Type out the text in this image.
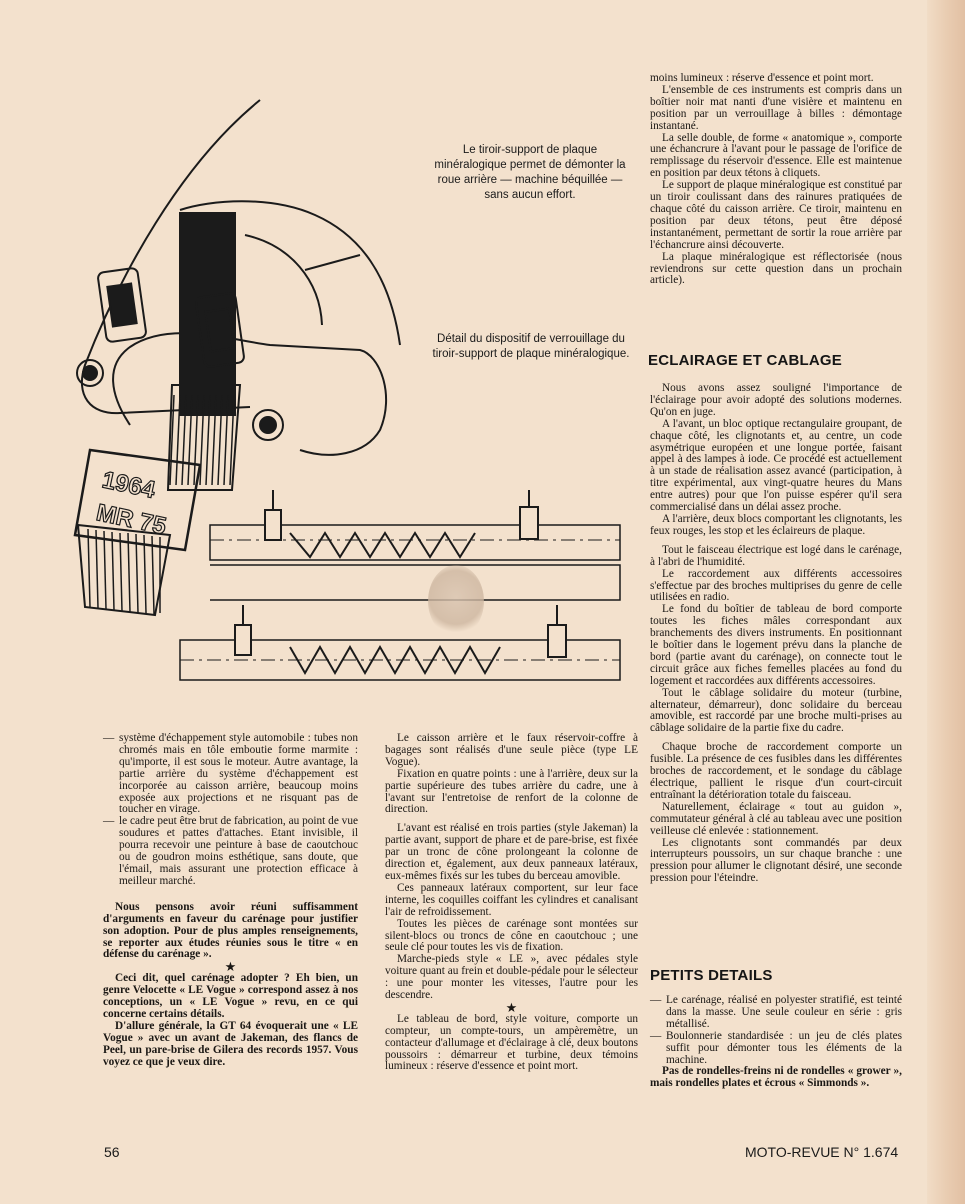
1964
MR 75
Le tiroir-support de plaque minéralogique permet de démonter la roue arrière — machine béquillée — sans aucun effort.
Détail du dispositif de verrouillage du tiroir-support de plaque minéralogique.
— système d'échappement style automobile : tubes non chromés mais en tôle emboutie forme marmite : qu'importe, il est sous le moteur. Autre avantage, la partie arrière du système d'échappement est incorporée au caisson arrière, beaucoup moins exposée aux projections et ne risquant pas de toucher en virage.
— le cadre peut être brut de fabrication, au point de vue soudures et pattes d'attaches. Etant invisible, il pourra recevoir une peinture à base de caoutchouc ou de goudron moins esthétique, sans doute, que l'émail, mais assurant une protection efficace à meilleur marché.

Nous pensons avoir réuni suffisamment d'arguments en faveur du carénage pour justifier son adoption. Pour de plus amples renseignements, se reporter aux études réunies sous le titre « en défense du carénage ».

★

Ceci dit, quel carénage adopter ? Eh bien, un genre Velocette « LE Vogue » correspond assez à nos conceptions, un « LE Vogue » revu, en ce qui concerne certains détails.

D'allure générale, la GT 64 évoquerait une « LE Vogue » avec un avant de Jakeman, des flancs de Peel, un pare-brise de Gilera des records 1957. Vous voyez ce que je veux dire.

Le caisson arrière et le faux réservoir-coffre à bagages sont réalisés d'une seule pièce (type LE Vogue).

Fixation en quatre points : une à l'arrière, deux sur la partie supérieure des tubes arrière du cadre, une à l'avant sur l'entretoise de renfort de la colonne de direction.

L'avant est réalisé en trois parties (style Jakeman) la partie avant, support de phare et de pare-brise, est fixée par un tronc de cône prolongeant la colonne de direction et, également, aux deux panneaux latéraux, eux-mêmes fixés sur les tubes du berceau amovible.

Ces panneaux latéraux comportent, sur leur face interne, les coquilles coiffant les cylindres et canalisant l'air de refroidissement.

Toutes les pièces de carénage sont montées sur silent-blocs ou troncs de cône en caoutchouc ; une seule clé pour toutes les vis de fixation.

Marche-pieds style « LE », avec pédales style voiture quant au frein et double-pédale pour le sélecteur : une pour monter les vitesses, l'autre pour les descendre.

★

Le tableau de bord, style voiture, comporte un compteur, un compte-tours, un ampèremètre, un contacteur d'allumage et d'éclairage à clé, deux boutons poussoirs : démarreur et turbine, deux témoins lumineux : réserve d'essence et point mort.

moins lumineux : réserve d'essence et point mort.

L'ensemble de ces instruments est compris dans un boîtier noir mat nanti d'une visière et maintenu en position par un verrouillage à billes : démontage instantané.

La selle double, de forme « anatomique », comporte une échancrure à l'avant pour le passage de l'orifice de remplissage du réservoir d'essence. Elle est maintenue en position par deux tétons à cliquets.

Le support de plaque minéralogique est constitué par un tiroir coulissant dans des rainures pratiquées de chaque côté du caisson arrière. Ce tiroir, maintenu en position par deux tétons, peut être déposé instantanément, permettant de sortir la roue arrière par l'échancrure ainsi découverte.

La plaque minéralogique est réflectorisée (nous reviendrons sur cette question dans un prochain article).

ECLAIRAGE ET CABLAGE

Nous avons assez souligné l'importance de l'éclairage pour avoir adopté des solutions modernes. Qu'on en juge.

A l'avant, un bloc optique rectangulaire groupant, de chaque côté, les clignotants et, au centre, un code asymétrique européen et une longue portée, faisant appel à des lampes à iode. Ce procédé est actuellement à un stade de réalisation assez avancé (participation, à titre expérimental, aux vingt-quatre heures du Mans entre autres) pour que l'on puisse espérer qu'il sera commercialisé dans un délai assez proche.

A l'arrière, deux blocs comportant les clignotants, les feux rouges, les stop et les éclaireurs de plaque.

Tout le faisceau électrique est logé dans le carénage, à l'abri de l'humidité.

Le raccordement aux différents accessoires s'effectue par des broches multiprises du genre de celle utilisées en radio.

Le fond du boîtier de tableau de bord comporte toutes les fiches mâles correspondant aux branchements des divers instruments. En positionnant le boîtier dans le logement prévu dans la planche de bord (partie avant du carénage), on connecte tout le circuit grâce aux fiches femelles placées au fond du logement et raccordées aux différents accessoires.

Tout le câblage solidaire du moteur (turbine, alternateur, démarreur), donc solidaire du berceau amovible, est raccordé par une broche multi-prises au câblage solidaire de la partie fixe du cadre.

Chaque broche de raccordement comporte un fusible. La présence de ces fusibles dans les différentes broches de raccordement, et le sondage du câblage électrique, pallient le risque d'un court-circuit entraînant la détérioration totale du faisceau.

Naturellement, éclairage « tout au guidon », commutateur général à clé au tableau avec une position veilleuse clé enlevée : stationnement.

Les clignotants sont commandés par deux interrupteurs poussoirs, un sur chaque branche : une pression pour allumer le clignotant désiré, une seconde pression pour l'éteindre.

PETITS DETAILS
— Le carénage, réalisé en polyester stratifié, est teinté dans la masse. Une seule couleur en série : gris métallisé.
— Boulonnerie standardisée : un jeu de clés plates suffit pour démonter tous les éléments de la machine.

Pas de rondelles-freins ni de rondelles « grower », mais rondelles plates et écrous « Simmonds ».

56	MOTO-REVUE N° 1.674
